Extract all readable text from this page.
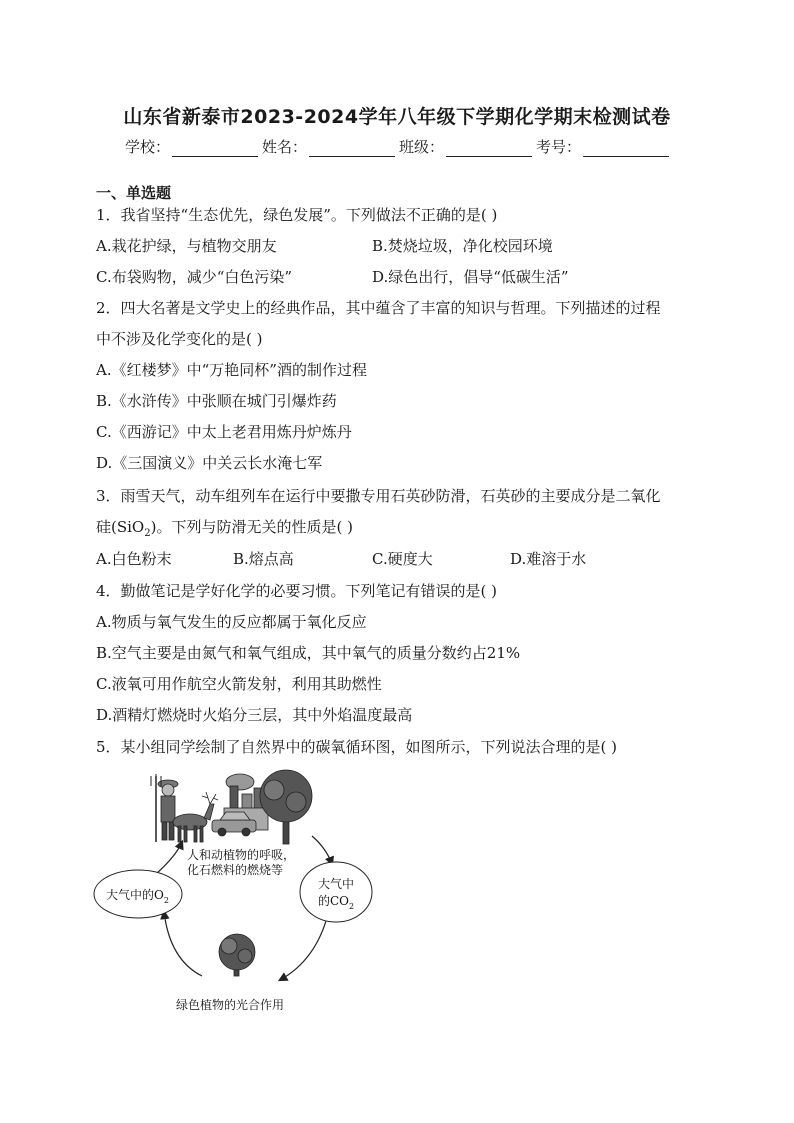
山东省新泰市2023-2024学年八年级下学期化学期末检测试卷
学校：	姓名：	班级：	考号：
一、单选题
1．我省坚持“生态优先，绿色发展”。下列做法不正确的是( )
A.栽花护绿，与植物交朋友	B.焚烧垃圾，净化校园环境
C.布袋购物，减少“白色污染”	D.绿色出行，倡导“低碳生活”
2．四大名著是文学史上的经典作品，其中蕴含了丰富的知识与哲理。下列描述的过程
中不涉及化学变化的是( )
A.《红楼梦》中“万艳同杯”酒的制作过程
B.《水浒传》中张顺在城门引爆炸药
C.《西游记》中太上老君用炼丹炉炼丹
D.《三国演义》中关云长水淹七军
3．雨雪天气，动车组列车在运行中要撒专用石英砂防滑，石英砂的主要成分是二氧化
硅(SiO$_2$)。下列与防滑无关的性质是( )
A.白色粉末	B.熔点高	C.硬度大	D.难溶于水
4．勤做笔记是学好化学的必要习惯。下列笔记有错误的是( )
A.物质与氧气发生的反应都属于氧化反应
B.空气主要是由氮气和氧气组成，其中氧气的质量分数约占21%
C.液氧可用作航空火箭发射，利用其助燃性
D.酒精灯燃烧时火焰分三层，其中外焰温度最高
5．某小组同学绘制了自然界中的碳氧循环图，如图所示，下列说法合理的是( )
人和动植物的呼吸，
化石燃料的燃烧等
大气中的$O_2$
大气中
的$CO_2$
绿色植物的光合作用
